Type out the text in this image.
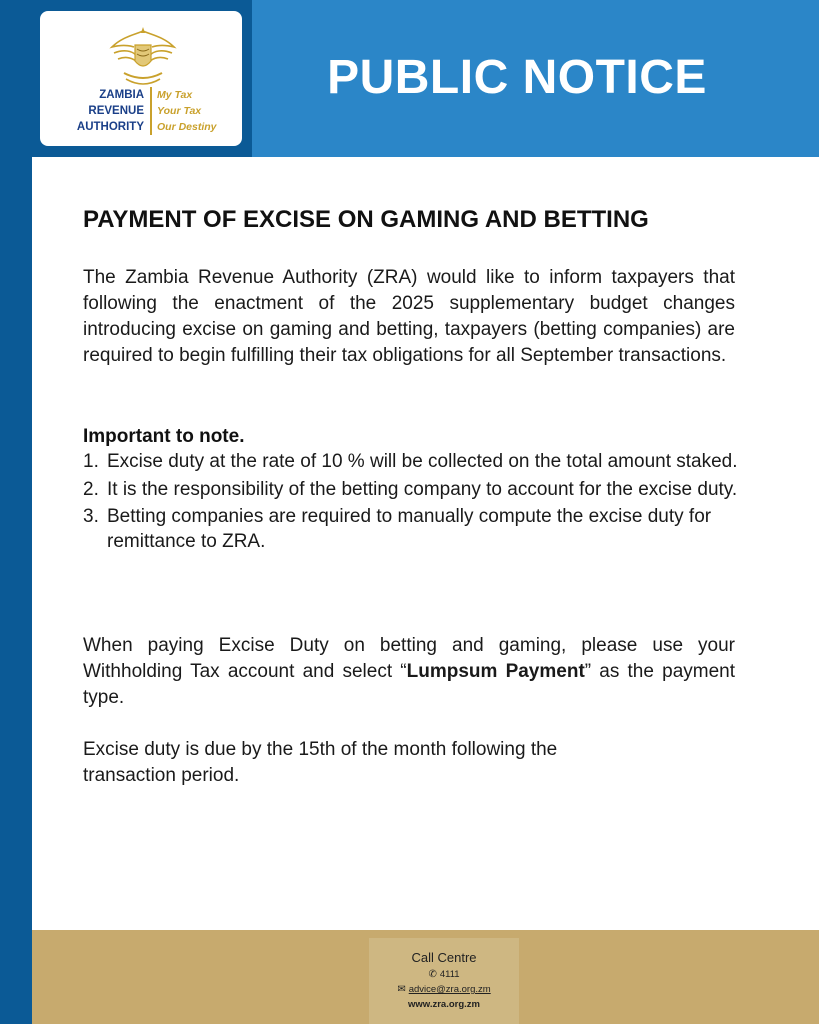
ZAMBIA
REVENUE
AUTHORITY
My Tax
Your Tax
Our Destiny
PUBLIC NOTICE
PAYMENT OF EXCISE ON GAMING AND BETTING

The Zambia Revenue Authority (ZRA) would like to inform taxpayers that following the enactment of the 2025 supplementary budget changes introducing excise on gaming and betting, taxpayers (betting companies) are required to begin fulfilling their tax obligations for all September transactions.

Important to note.

1. Excise duty at the rate of 10 % will be collected on the total amount staked.
2. It is the responsibility of the betting company to account for the excise duty.
3. Betting companies are required to manually compute the excise duty for remittance to ZRA.

When paying Excise Duty on betting and gaming, please use your Withholding Tax account and select “Lumpsum Payment” as the payment type.

Excise duty is due by the 15th of the month following the transaction period.

Call Centre
✆ 4111
✉ advice@zra.org.zm
www.zra.org.zm
